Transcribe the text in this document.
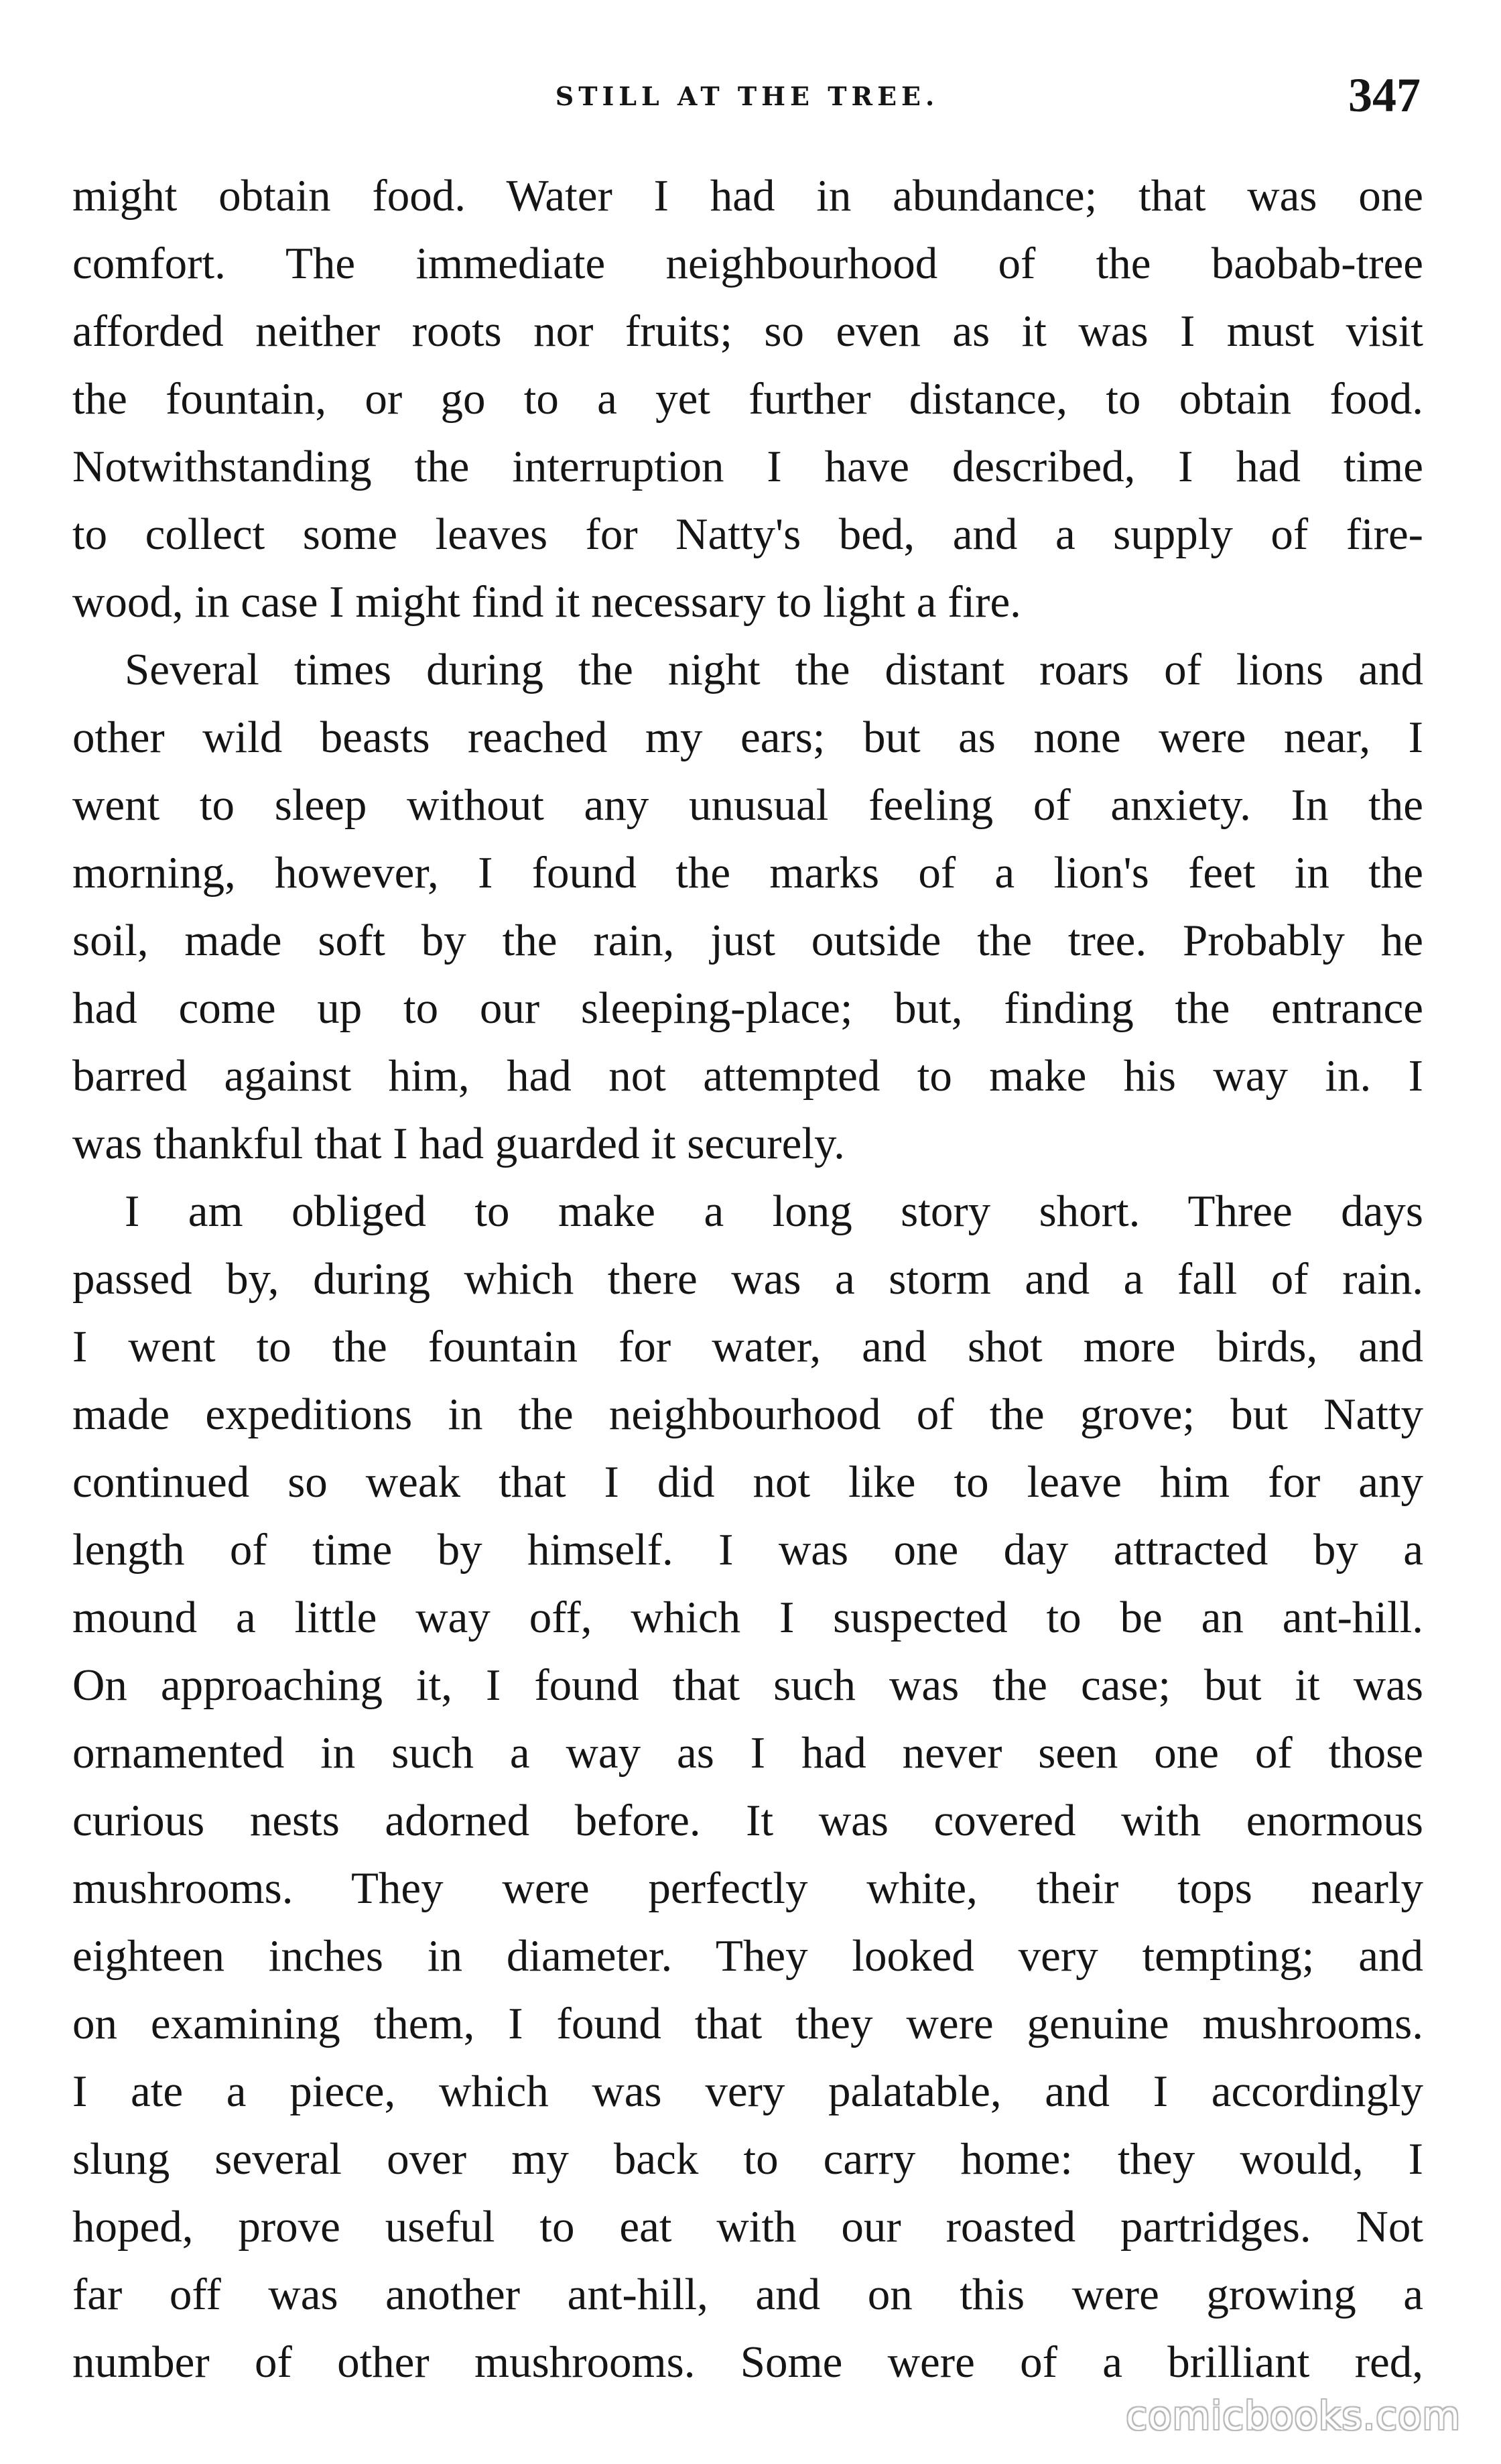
STILL AT THE TREE.	347
might obtain food. Water I had in abundance; that was one
comfort. The immediate neighbourhood of the baobab-tree
afforded neither roots nor fruits; so even as it was I must visit
the fountain, or go to a yet further distance, to obtain food.
Notwithstanding the interruption I have described, I had time
to collect some leaves for Natty's bed, and a supply of fire-
wood, in case I might find it necessary to light a fire.
Several times during the night the distant roars of lions and
other wild beasts reached my ears; but as none were near, I
went to sleep without any unusual feeling of anxiety. In the
morning, however, I found the marks of a lion's feet in the
soil, made soft by the rain, just outside the tree. Probably he
had come up to our sleeping-place; but, finding the entrance
barred against him, had not attempted to make his way in. I
was thankful that I had guarded it securely.
I am obliged to make a long story short. Three days
passed by, during which there was a storm and a fall of rain.
I went to the fountain for water, and shot more birds, and
made expeditions in the neighbourhood of the grove; but Natty
continued so weak that I did not like to leave him for any
length of time by himself. I was one day attracted by a
mound a little way off, which I suspected to be an ant-hill.
On approaching it, I found that such was the case; but it was
ornamented in such a way as I had never seen one of those
curious nests adorned before. It was covered with enormous
mushrooms. They were perfectly white, their tops nearly
eighteen inches in diameter. They looked very tempting; and
on examining them, I found that they were genuine mushrooms.
I ate a piece, which was very palatable, and I accordingly
slung several over my back to carry home: they would, I
hoped, prove useful to eat with our roasted partridges. Not
far off was another ant-hill, and on this were growing a
number of other mushrooms. Some were of a brilliant red,
comicbooks.com
